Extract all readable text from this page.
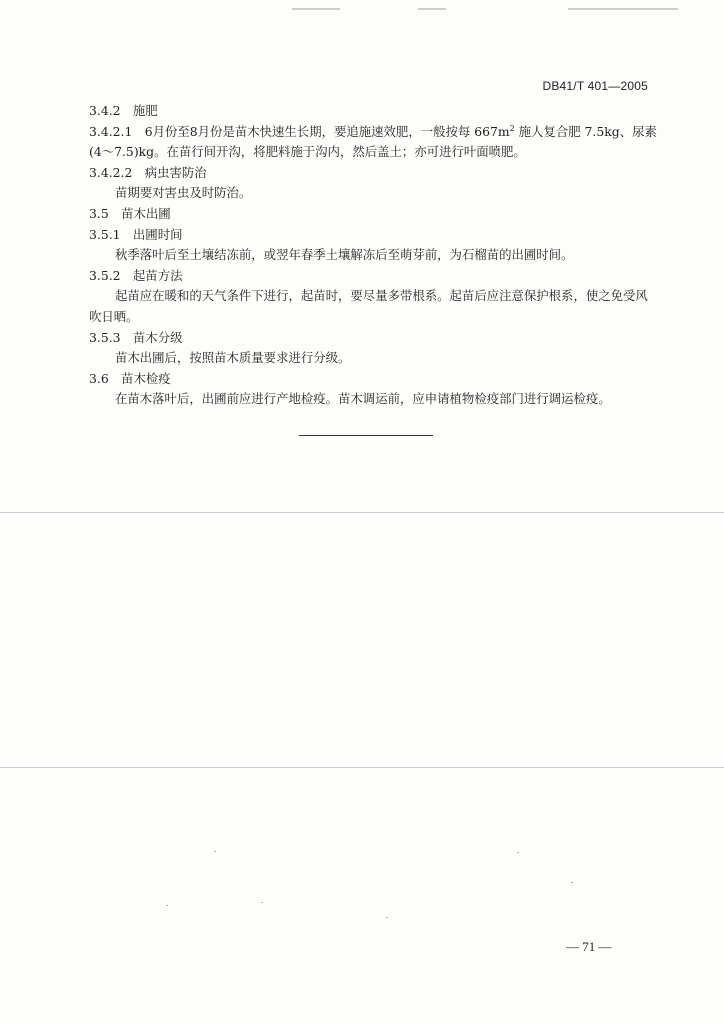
DB41/T 401—2005
3.4.2　施肥
3.4.2.1　6月份至8月份是苗木快速生长期，要追施速效肥，一般按每 $667m^2$ 施人复合肥 7.5kg、尿素
(4～7.5)kg。在苗行间开沟，将肥料施于沟内，然后盖土；亦可进行叶面喷肥。
3.4.2.2　病虫害防治
苗期要对害虫及时防治。
3.5　苗木出圃
3.5.1　出圃时间
秋季落叶后至土壤结冻前，或翌年春季土壤解冻后至萌芽前，为石榴苗的出圃时间。
3.5.2　起苗方法
起苗应在暖和的天气条件下进行，起苗时，要尽量多带根系。起苗后应注意保护根系，使之免受风吹日晒。
3.5.3　苗木分级
苗木出圃后，按照苗木质量要求进行分级。
3.6　苗木检疫
在苗木落叶后，出圃前应进行产地检疫。苗木调运前，应申请植物检疫部门进行调运检疫。
— 71 —
